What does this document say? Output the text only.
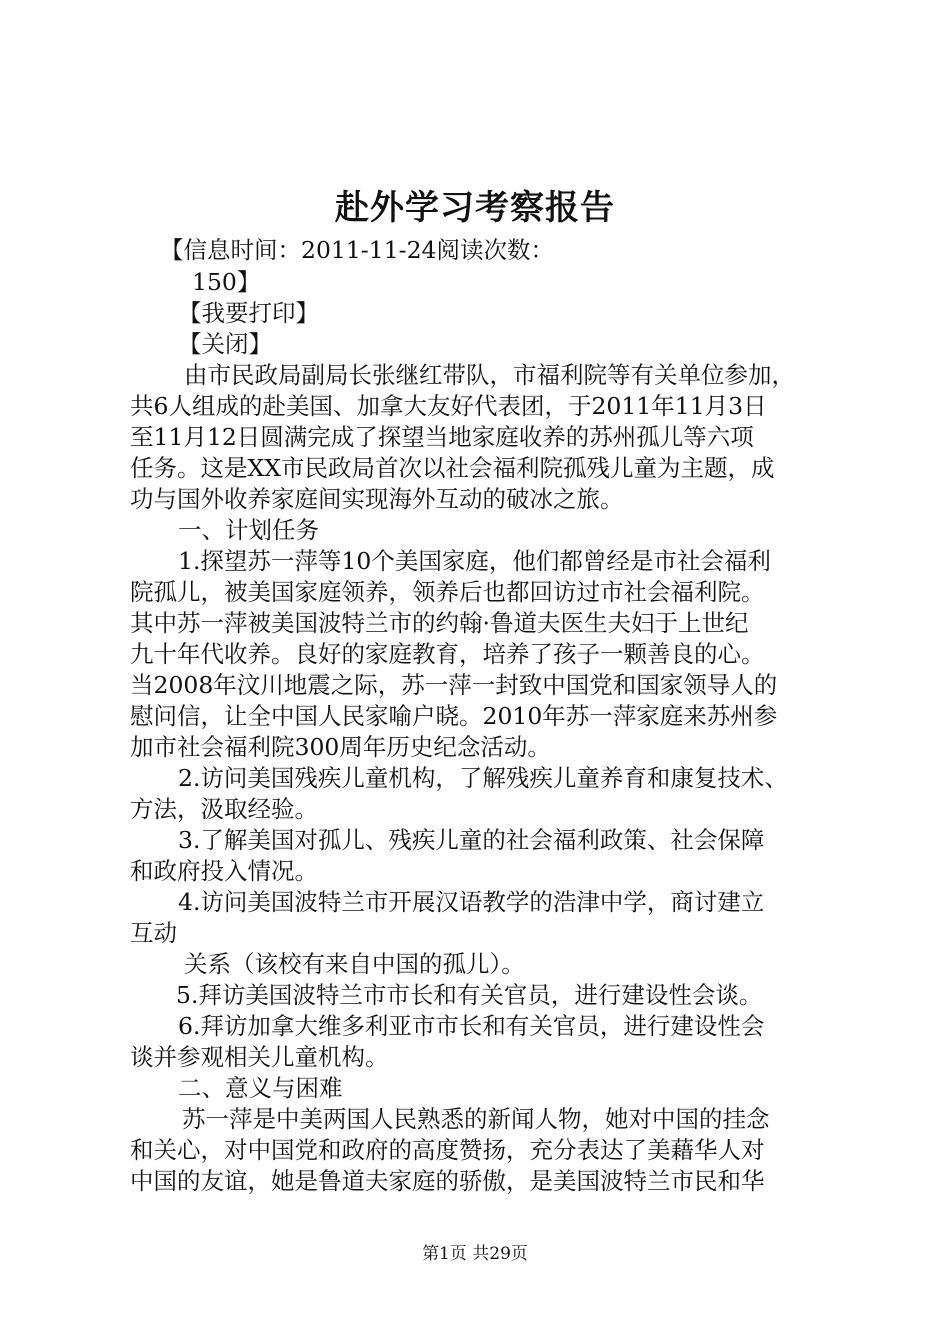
赴外学习考察报告
【信息时间：2011-11-24阅读次数：
150】
【我要打印】
【关闭】
由市民政局副局长张继红带队，市福利院等有关单位参加，
共6人组成的赴美国、加拿大友好代表团，于2011年11月3日
至11月12日圆满完成了探望当地家庭收养的苏州孤儿等六项
任务。这是XX市民政局首次以社会福利院孤残儿童为主题，成
功与国外收养家庭间实现海外互动的破冰之旅。
一、计划任务
1.探望苏一萍等10个美国家庭，他们都曾经是市社会福利
院孤儿，被美国家庭领养，领养后也都回访过市社会福利院。
其中苏一萍被美国波特兰市的约翰·鲁道夫医生夫妇于上世纪
九十年代收养。良好的家庭教育，培养了孩子一颗善良的心。
当2008年汶川地震之际，苏一萍一封致中国党和国家领导人的
慰问信，让全中国人民家喻户晓。2010年苏一萍家庭来苏州参
加市社会福利院300周年历史纪念活动。
2.访问美国残疾儿童机构，了解残疾儿童养育和康复技术、
方法，汲取经验。
3.了解美国对孤儿、残疾儿童的社会福利政策、社会保障
和政府投入情况。
4.访问美国波特兰市开展汉语教学的浩津中学，商讨建立
互动
关系（该校有来自中国的孤儿）。
5.拜访美国波特兰市市长和有关官员，进行建设性会谈。
6.拜访加拿大维多利亚市市长和有关官员，进行建设性会
谈并参观相关儿童机构。
二、意义与困难
苏一萍是中美两国人民熟悉的新闻人物，她对中国的挂念
和关心，对中国党和政府的高度赞扬，充分表达了美藉华人对
中国的友谊，她是鲁道夫家庭的骄傲，是美国波特兰市民和华
第1页 共29页
